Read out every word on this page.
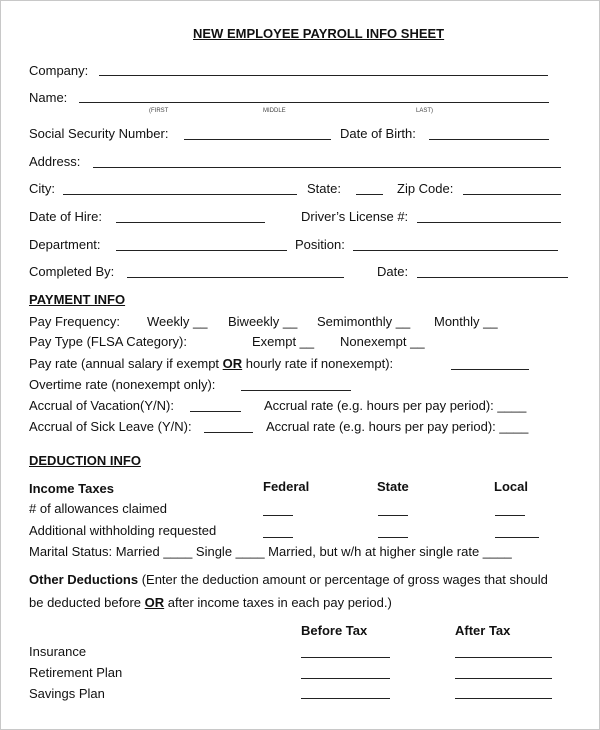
NEW EMPLOYEE PAYROLL INFO SHEET
Company:
Name:
(FIRST	MIDDLE	LAST)
Social Security Number:	Date of Birth:
Address:
City:	State:	Zip Code:
Date of Hire:	Driver’s License #:
Department:	Position:
Completed By:	Date:
PAYMENT INFO
Pay Frequency: Weekly __ Biweekly __ Semimonthly __ Monthly __
Pay Type (FLSA Category):	Exempt __ Nonexempt __
Pay rate (annual salary if exempt OR hourly rate if nonexempt):
Overtime rate (nonexempt only):
Accrual of Vacation(Y/N):	Accrual rate (e.g. hours per pay period): ____
Accrual of Sick Leave (Y/N):	Accrual rate (e.g. hours per pay period): ____
DEDUCTION INFO
Income Taxes	Federal	State	Local
# of allowances claimed
Additional withholding requested
Marital Status: Married ____ Single ____ Married, but w/h at higher single rate ____
Other Deductions (Enter the deduction amount or percentage of gross wages that should
be deducted before OR after income taxes in each pay period.)
Before Tax	After Tax
Insurance
Retirement Plan
Savings Plan
